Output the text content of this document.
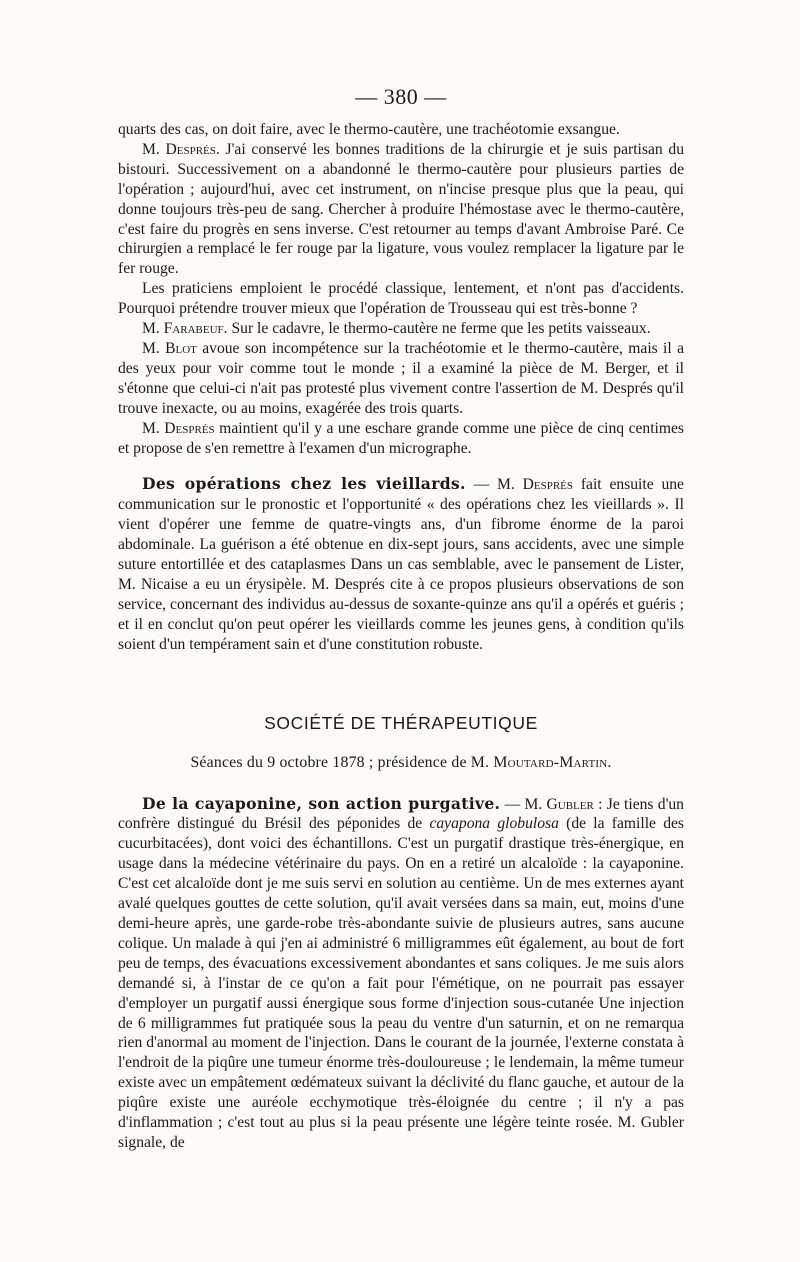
— 380 —

quarts des cas, on doit faire, avec le thermo-cautère, une trachéotomie exsangue.

M. Després. J'ai conservé les bonnes traditions de la chirurgie et je suis partisan du bistouri. Successivement on a abandonné le thermo-cautère pour plusieurs parties de l'opération ; aujourd'hui, avec cet instrument, on n'incise presque plus que la peau, qui donne toujours très-peu de sang. Chercher à produire l'hémostase avec le thermo-cautère, c'est faire du progrès en sens inverse. C'est retourner au temps d'avant Ambroise Paré. Ce chirurgien a remplacé le fer rouge par la ligature, vous voulez remplacer la ligature par le fer rouge.

Les praticiens emploient le procédé classique, lentement, et n'ont pas d'accidents. Pourquoi prétendre trouver mieux que l'opération de Trousseau qui est très-bonne ?

M. Farabeuf. Sur le cadavre, le thermo-cautère ne ferme que les petits vaisseaux.

M. Blot avoue son incompétence sur la trachéotomie et le thermo-cautère, mais il a des yeux pour voir comme tout le monde ; il a examiné la pièce de M. Berger, et il s'étonne que celui-ci n'ait pas protesté plus vivement contre l'assertion de M. Després qu'il trouve inexacte, ou au moins, exagérée des trois quarts.

M. Després maintient qu'il y a une eschare grande comme une pièce de cinq centimes et propose de s'en remettre à l'examen d'un micrographe.

Des opérations chez les vieillards. — M. Després fait ensuite une communication sur le pronostic et l'opportunité « des opérations chez les vieillards ». Il vient d'opérer une femme de quatre-vingts ans, d'un fibrome énorme de la paroi abdominale. La guérison a été obtenue en dix-sept jours, sans accidents, avec une simple suture entortillée et des cataplasmes Dans un cas semblable, avec le pansement de Lister, M. Nicaise a eu un érysipèle. M. Després cite à ce propos plusieurs observations de son service, concernant des individus au-dessus de soxante-quinze ans qu'il a opérés et guéris ; et il en conclut qu'on peut opérer les vieillards comme les jeunes gens, à condition qu'ils soient d'un tempérament sain et d'une constitution robuste.

SOCIÉTÉ DE THÉRAPEUTIQUE
Séances du 9 octobre 1878 ; présidence de M. Moutard-Martin.

De la cayaponine, son action purgative. — M. Gubler : Je tiens d'un confrère distingué du Brésil des péponides de cayapona globulosa (de la famille des cucurbitacées), dont voici des échantillons. C'est un purgatif drastique très-énergique, en usage dans la médecine vétérinaire du pays. On en a retiré un alcaloïde : la cayaponine. C'est cet alcaloïde dont je me suis servi en solution au centième. Un de mes externes ayant avalé quelques gouttes de cette solution, qu'il avait versées dans sa main, eut, moins d'une demi-heure après, une garde-robe très-abondante suivie de plusieurs autres, sans aucune colique. Un malade à qui j'en ai administré 6 milligrammes eût également, au bout de fort peu de temps, des évacuations excessivement abondantes et sans coliques. Je me suis alors demandé si, à l'instar de ce qu'on a fait pour l'émétique, on ne pourrait pas essayer d'employer un purgatif aussi énergique sous forme d'injection sous-cutanée Une injection de 6 milligrammes fut pratiquée sous la peau du ventre d'un saturnin, et on ne remarqua rien d'anormal au moment de l'injection. Dans le courant de la journée, l'externe constata à l'endroit de la piqûre une tumeur énorme très-douloureuse ; le lendemain, la même tumeur existe avec un empâtement œdémateux suivant la déclivité du flanc gauche, et autour de la piqûre existe une auréole ecchymotique très-éloignée du centre ; il n'y a pas d'inflammation ; c'est tout au plus si la peau présente une légère teinte rosée. M. Gubler signale, de
